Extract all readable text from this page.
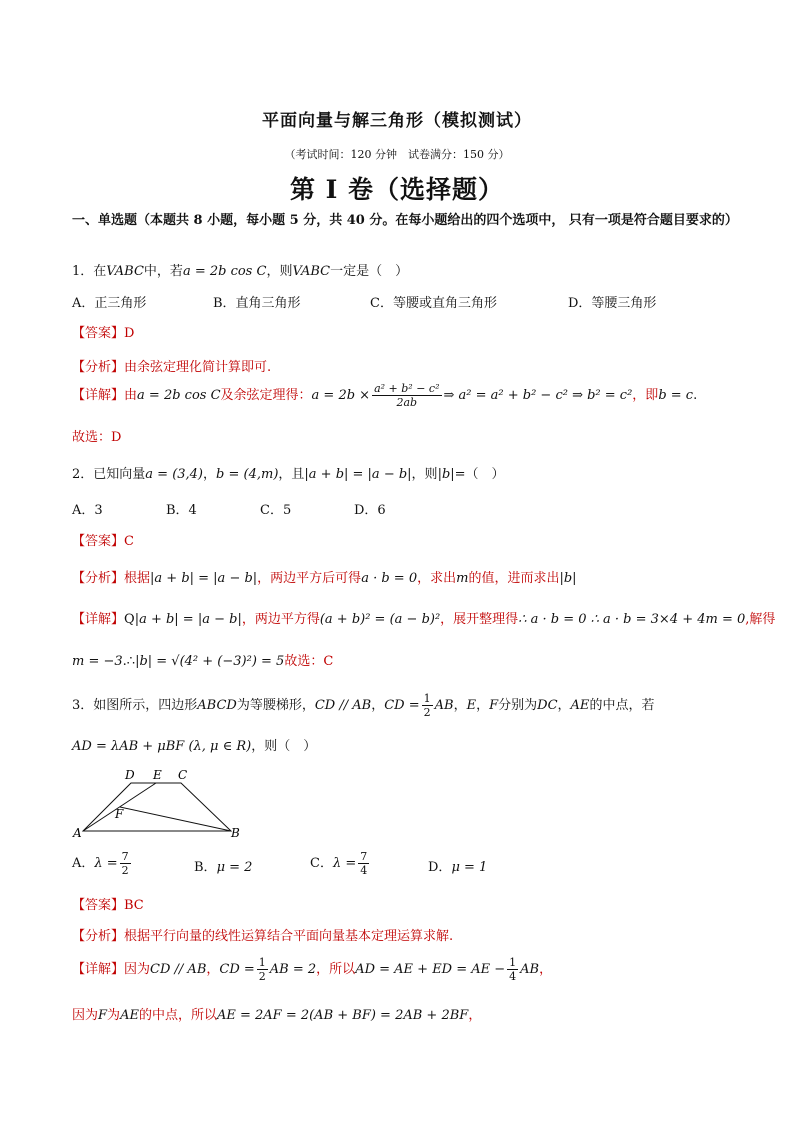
平面向量与解三角形（模拟测试）
（考试时间：120 分钟　试卷满分：150 分）
第 I 卷（选择题）
一、单选题（本题共 8 小题，每小题 5 分，共 40 分。在每小题给出的四个选项中， 只有一项是符合题目要求的）
1．在VABC中，若a = 2b cos C，则VABC一定是（　）
A．正三角形	B．直角三角形	C．等腰或直角三角形	D．等腰三角形
【答案】D
【分析】由余弦定理化简计算即可.
【详解】由a = 2b cos C及余弦定理得：$a = 2b \times \frac{\text{a² + b² − c²}}{2ab}$ ⇒ a² = a² + b² − c² ⇒ b² = c²，即b = c.
故选：D
2．已知向量a = (3,4)，b = (4,m)，且|a + b| = |a − b|，则|b|=（　）
A．3	B．4	C．5	D．6
【答案】C
【分析】根据|a + b| = |a − b|，两边平方后可得a · b = 0，求出m的值，进而求出|b|
【详解】Q|a + b| = |a − b|，两边平方得(a + b)² = (a − b)²，展开整理得∴ a · b = 0 ∴ a · b = 3×4 + 4m = 0,解得
m = −3.∴|b| = √(4² + (−3)²) = 5故选：C
3．如图所示，四边形ABCD为等腰梯形，CD // AB，CD = $\frac{1}{2}$ AB，E，F分别为DC，AE的中点，若
AD = λAB + μBF (λ, μ ∈ R)，则（　）
D E C
F
A	B
A．$\lambda = \frac{7}{2}$	B．μ = 2	C．$\lambda = \frac{7}{4}$	D．μ = 1
【答案】BC
【分析】根据平行向量的线性运算结合平面向量基本定理运算求解.
【详解】因为CD // AB，CD = $\frac{1}{2}$ AB = 2，所以AD = AE + ED = AE − $\frac{1}{4}$ AB，
因为F为AE的中点，所以AE = 2AF = 2(AB + BF) = 2AB + 2BF，
